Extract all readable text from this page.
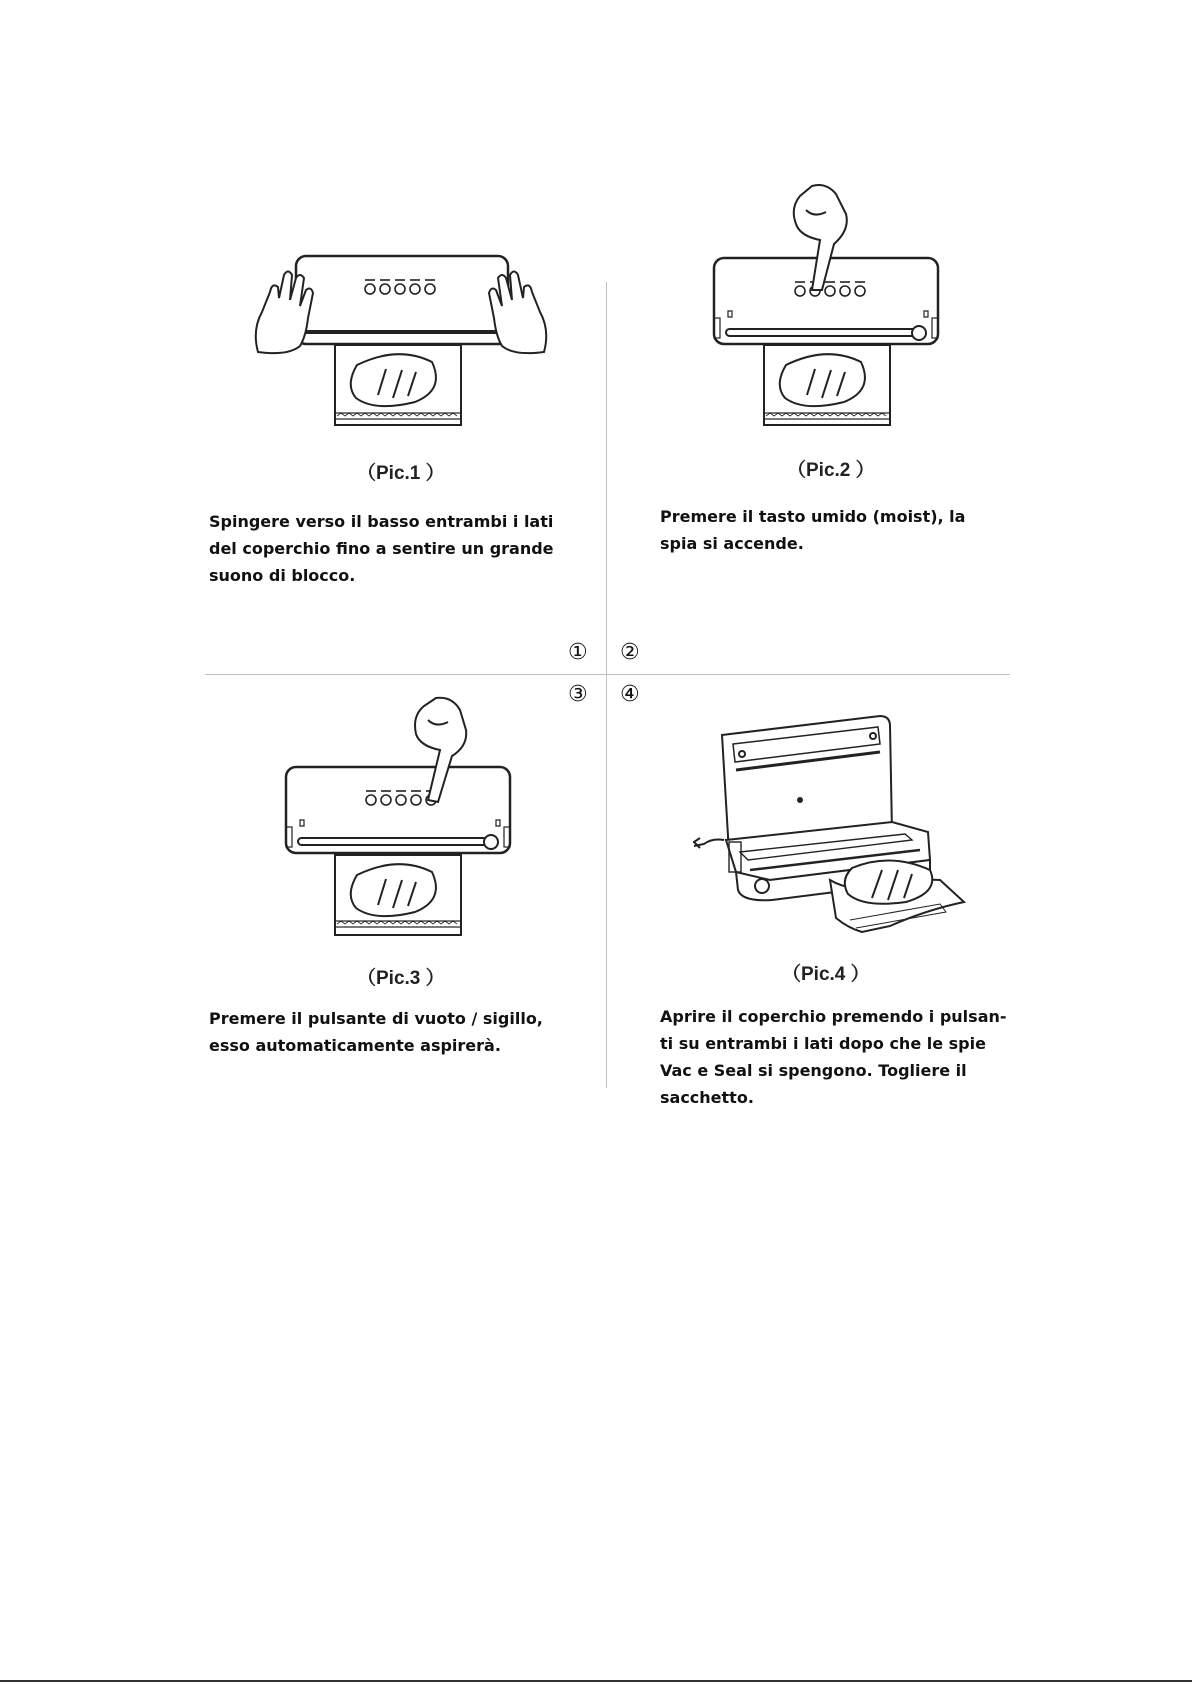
（Pic.1 ）	（Pic.2 ）
（Pic.3 ）	（Pic.4 ）
Spingere verso il basso entrambi i lati
del coperchio fino a sentire un grande
suono di blocco.
Premere il tasto umido (moist), la
spia si accende.
Premere il pulsante di vuoto / sigillo,
esso automaticamente aspirerà.
Aprire il coperchio premendo i pulsan-
ti su entrambi i lati dopo che le spie
Vac e Seal si spengono. Togliere il
sacchetto.
① ②
③ ④
